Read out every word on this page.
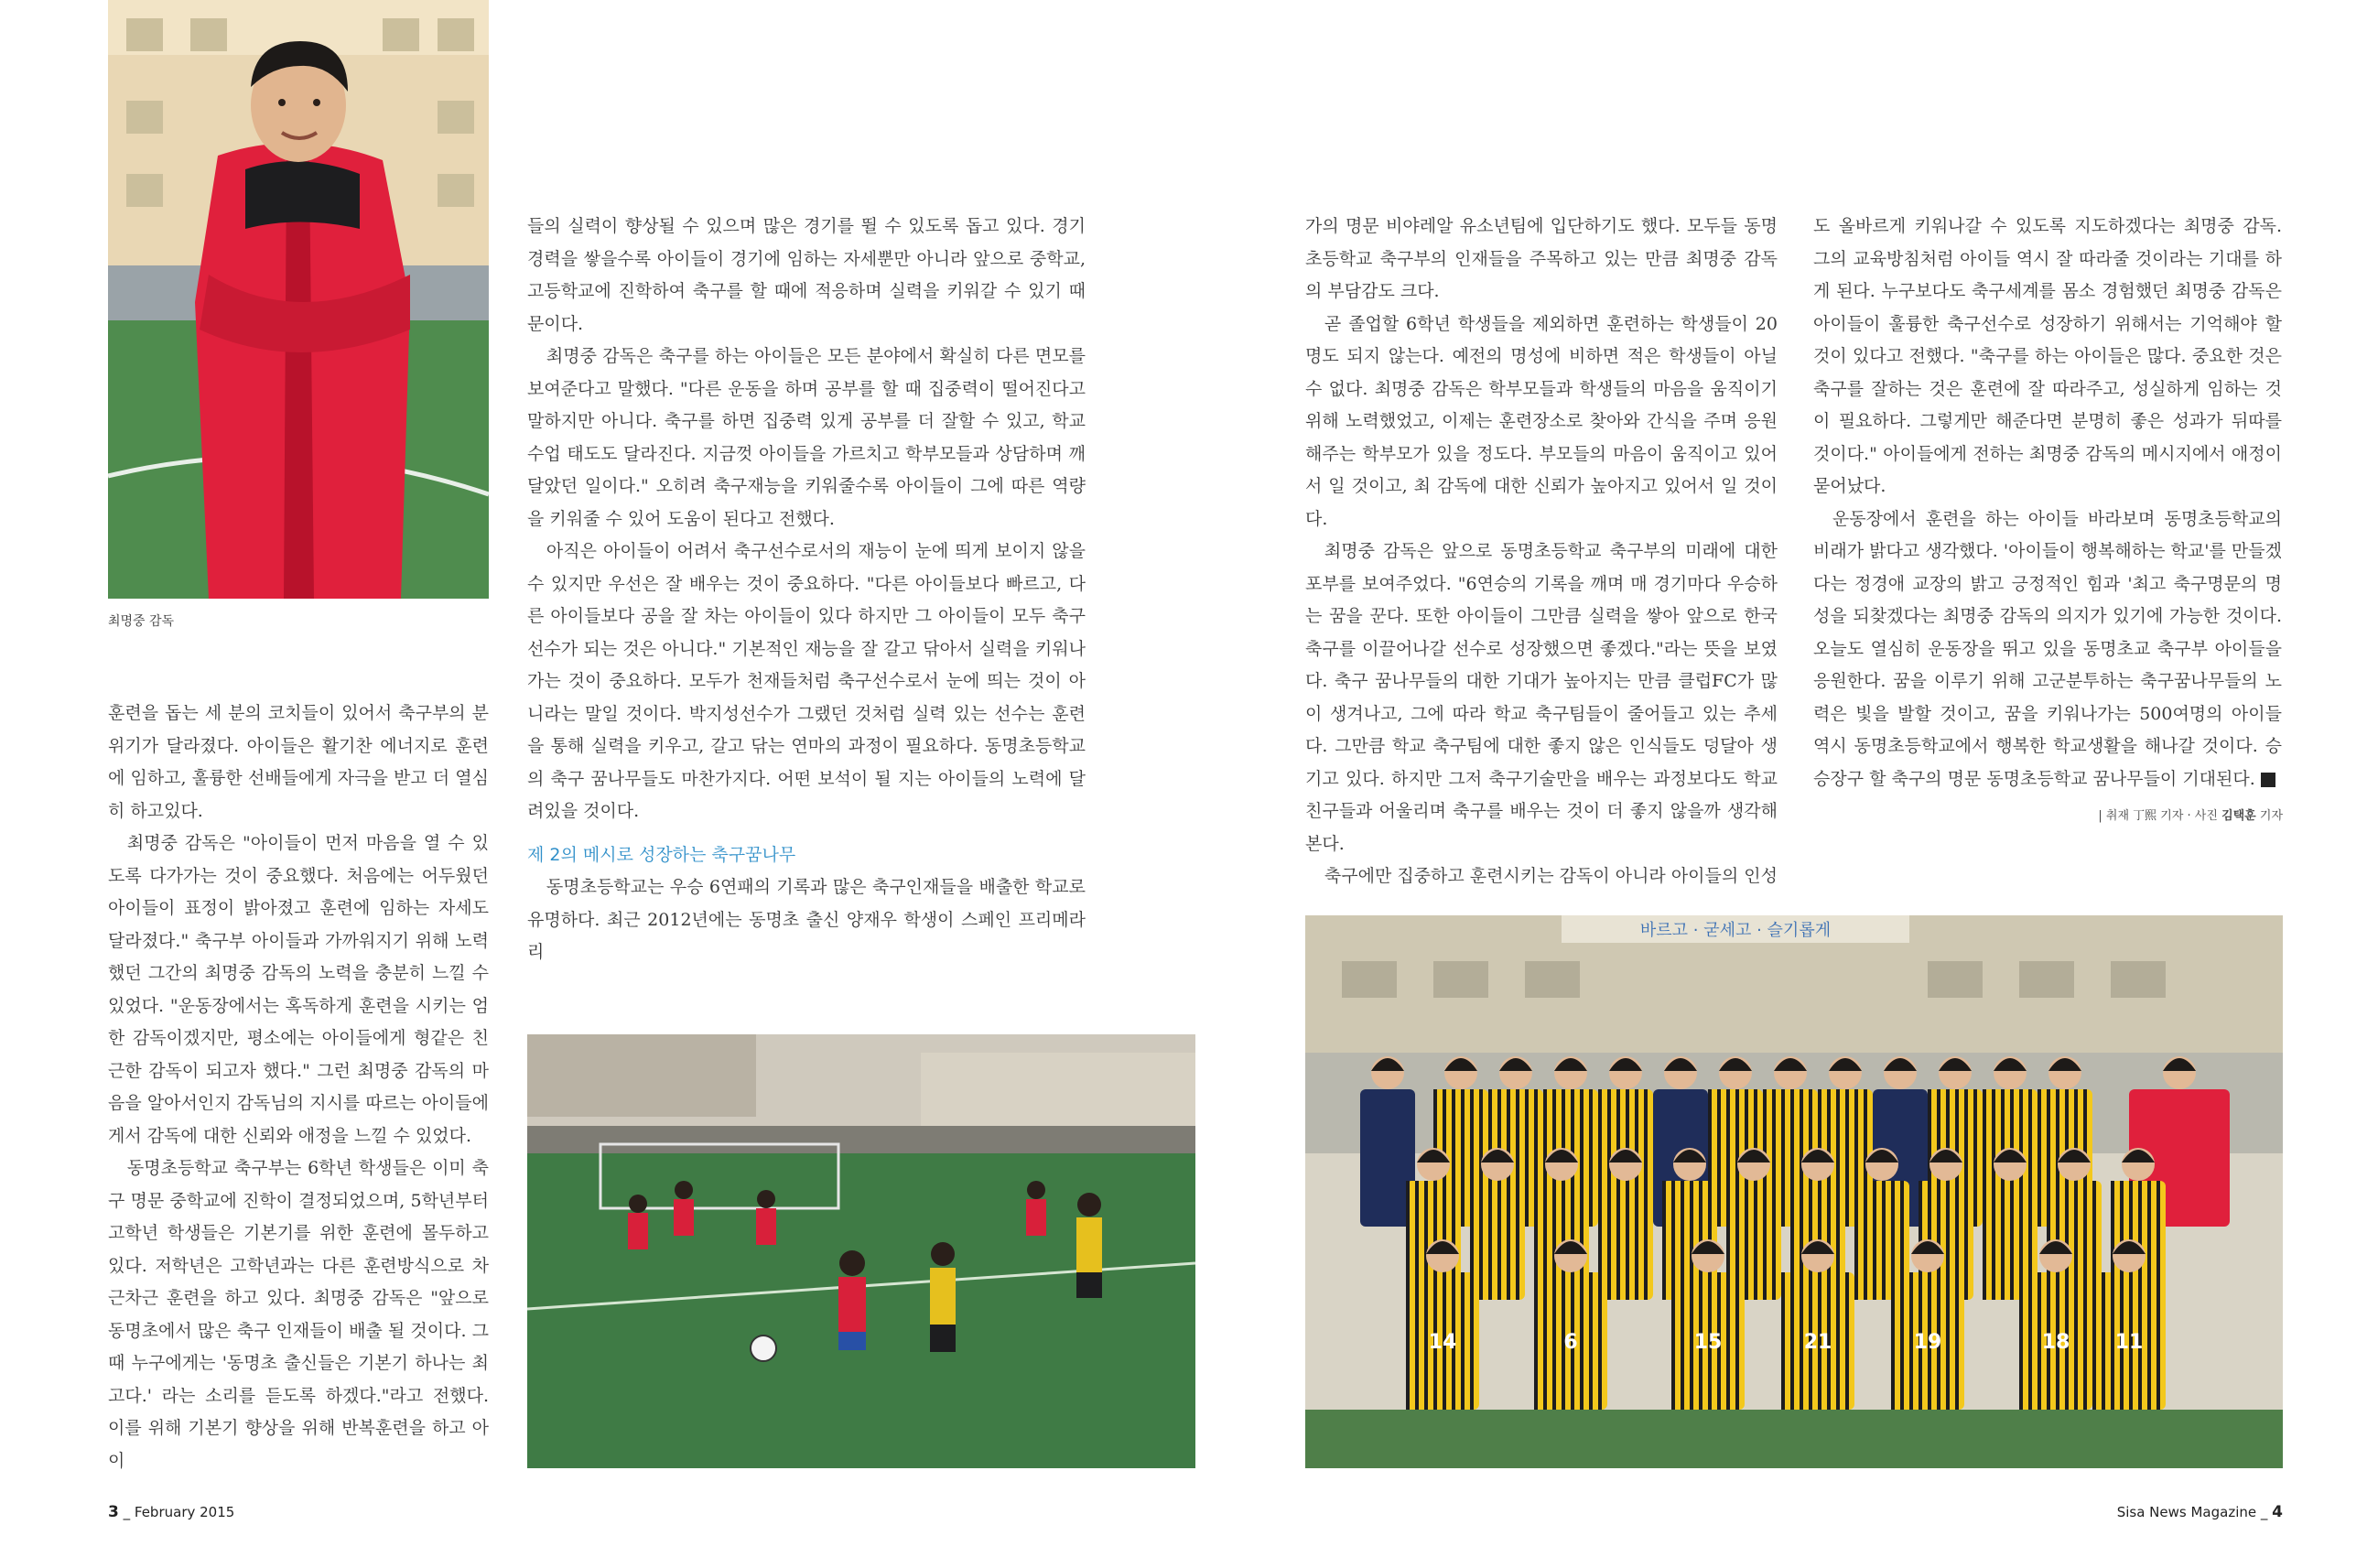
최명중 감독

훈련을 돕는 세 분의 코치들이 있어서 축구부의 분위기가 달라졌다. 아이들은 활기찬 에너지로 훈련에 임하고, 훌륭한 선배들에게 자극을 받고 더 열심히 하고있다.

최명중 감독은 "아이들이 먼저 마음을 열 수 있도록 다가가는 것이 중요했다. 처음에는 어두웠던 아이들이 표정이 밝아졌고 훈련에 임하는 자세도 달라졌다." 축구부 아이들과 가까워지기 위해 노력했던 그간의 최명중 감독의 노력을 충분히 느낄 수 있었다. "운동장에서는 혹독하게 훈련을 시키는 엄한 감독이겠지만, 평소에는 아이들에게 형같은 친근한 감독이 되고자 했다." 그런 최명중 감독의 마음을 알아서인지 감독님의 지시를 따르는 아이들에게서 감독에 대한 신뢰와 애정을 느낄 수 있었다.

동명초등학교 축구부는 6학년 학생들은 이미 축구 명문 중학교에 진학이 결정되었으며, 5학년부터 고학년 학생들은 기본기를 위한 훈련에 몰두하고 있다. 저학년은 고학년과는 다른 훈련방식으로 차근차근 훈련을 하고 있다. 최명중 감독은 "앞으로 동명초에서 많은 축구 인재들이 배출 될 것이다. 그 때 누구에게는 '동명초 출신들은 기본기 하나는 최고다.' 라는 소리를 듣도록 하겠다."라고 전했다. 이를 위해 기본기 향상을 위해 반복훈련을 하고 아이

들의 실력이 향상될 수 있으며 많은 경기를 뛸 수 있도록 돕고 있다. 경기경력을 쌓을수록 아이들이 경기에 임하는 자세뿐만 아니라 앞으로 중학교, 고등학교에 진학하여 축구를 할 때에 적응하며 실력을 키워갈 수 있기 때문이다.

최명중 감독은 축구를 하는 아이들은 모든 분야에서 확실히 다른 면모를 보여준다고 말했다. "다른 운동을 하며 공부를 할 때 집중력이 떨어진다고 말하지만 아니다. 축구를 하면 집중력 있게 공부를 더 잘할 수 있고, 학교 수업 태도도 달라진다. 지금껏 아이들을 가르치고 학부모들과 상담하며 깨달았던 일이다." 오히려 축구재능을 키워줄수록 아이들이 그에 따른 역량을 키워줄 수 있어 도움이 된다고 전했다.

아직은 아이들이 어려서 축구선수로서의 재능이 눈에 띄게 보이지 않을 수 있지만 우선은 잘 배우는 것이 중요하다. "다른 아이들보다 빠르고, 다른 아이들보다 공을 잘 차는 아이들이 있다 하지만 그 아이들이 모두 축구선수가 되는 것은 아니다." 기본적인 재능을 잘 갈고 닦아서 실력을 키워나가는 것이 중요하다. 모두가 천재들처럼 축구선수로서 눈에 띄는 것이 아니라는 말일 것이다. 박지성선수가 그랬던 것처럼 실력 있는 선수는 훈련을 통해 실력을 키우고, 갈고 닦는 연마의 과정이 필요하다. 동명초등학교의 축구 꿈나무들도 마찬가지다. 어떤 보석이 될 지는 아이들의 노력에 달려있을 것이다.

제 2의 메시로 성장하는 축구꿈나무

동명초등학교는 우승 6연패의 기록과 많은 축구인재들을 배출한 학교로 유명하다. 최근 2012년에는 동명초 출신 양재우 학생이 스페인 프리메라리

가의 명문 비야레알 유소년팀에 입단하기도 했다. 모두들 동명초등학교 축구부의 인재들을 주목하고 있는 만큼 최명중 감독의 부담감도 크다.

곧 졸업할 6학년 학생들을 제외하면 훈련하는 학생들이 20명도 되지 않는다. 예전의 명성에 비하면 적은 학생들이 아닐 수 없다. 최명중 감독은 학부모들과 학생들의 마음을 움직이기 위해 노력했었고, 이제는 훈련장소로 찾아와 간식을 주며 응원해주는 학부모가 있을 정도다. 부모들의 마음이 움직이고 있어서 일 것이고, 최 감독에 대한 신뢰가 높아지고 있어서 일 것이다.

최명중 감독은 앞으로 동명초등학교 축구부의 미래에 대한 포부를 보여주었다. "6연승의 기록을 깨며 매 경기마다 우승하는 꿈을 꾼다. 또한 아이들이 그만큼 실력을 쌓아 앞으로 한국 축구를 이끌어나갈 선수로 성장했으면 좋겠다."라는 뜻을 보였다. 축구 꿈나무들의 대한 기대가 높아지는 만큼 클럽FC가 많이 생겨나고, 그에 따라 학교 축구팀들이 줄어들고 있는 추세다. 그만큼 학교 축구팀에 대한 좋지 않은 인식들도 덩달아 생기고 있다. 하지만 그저 축구기술만을 배우는 과정보다도 학교친구들과 어울리며 축구를 배우는 것이 더 좋지 않을까 생각해본다.

축구에만 집중하고 훈련시키는 감독이 아니라 아이들의 인성

도 올바르게 키워나갈 수 있도록 지도하겠다는 최명중 감독. 그의 교육방침처럼 아이들 역시 잘 따라줄 것이라는 기대를 하게 된다. 누구보다도 축구세계를 몸소 경험했던 최명중 감독은 아이들이 훌륭한 축구선수로 성장하기 위해서는 기억해야 할 것이 있다고 전했다. "축구를 하는 아이들은 많다. 중요한 것은 축구를 잘하는 것은 훈련에 잘 따라주고, 성실하게 임하는 것이 필요하다. 그렇게만 해준다면 분명히 좋은 성과가 뒤따를 것이다." 아이들에게 전하는 최명중 감독의 메시지에서 애정이 묻어났다.

운동장에서 훈련을 하는 아이들 바라보며 동명초등학교의 비래가 밝다고 생각했다. '아이들이 행복해하는 학교'를 만들겠다는 정경애 교장의 밝고 긍정적인 힘과 '최고 축구명문의 명성을 되찾겠다는 최명중 감독의 의지가 있기에 가능한 것이다. 오늘도 열심히 운동장을 뛰고 있을 동명초교 축구부 아이들을 응원한다. 꿈을 이루기 위해 고군분투하는 축구꿈나무들의 노력은 빛을 발할 것이고, 꿈을 키워나가는 500여명의 아이들 역시 동명초등학교에서 행복한 학교생활을 해나갈 것이다. 승승장구 할 축구의 명문 동명초등학교 꿈나무들이 기대된다. S

| 취재 丁熙 기자 · 사진 김택훈 기자
바르고 · 굳세고 · 슬기롭게
14	6	15	21	19	18 11
3 _ February 2015	Sisa News Magazine _ 4
